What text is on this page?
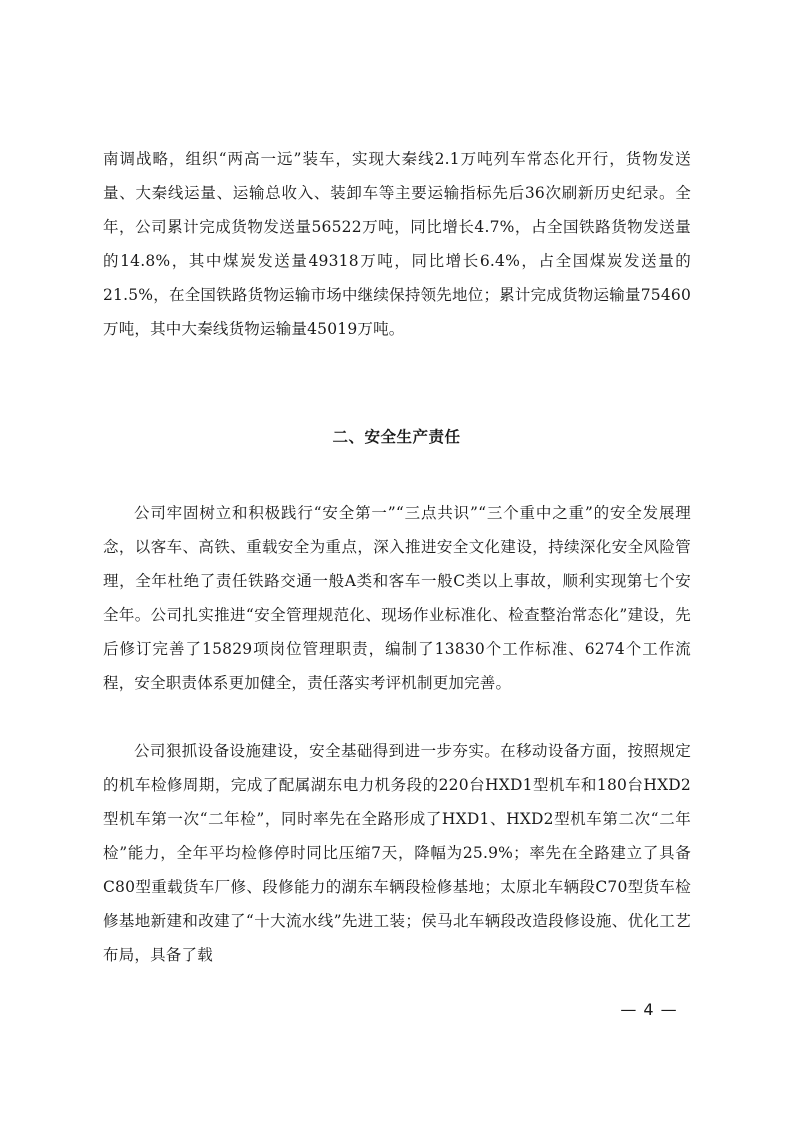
南调战略，组织“两高一远”装车，实现大秦线2.1万吨列车常态化开行，货物发送量、大秦线运量、运输总收入、装卸车等主要运输指标先后36次刷新历史纪录。全年，公司累计完成货物发送量56522万吨，同比增长4.7%，占全国铁路货物发送量的14.8%，其中煤炭发送量49318万吨，同比增长6.4%，占全国煤炭发送量的21.5%，在全国铁路货物运输市场中继续保持领先地位；累计完成货物运输量75460万吨，其中大秦线货物运输量45019万吨。

二、安全生产责任

公司牢固树立和积极践行“安全第一”“三点共识”“三个重中之重”的安全发展理念，以客车、高铁、重载安全为重点，深入推进安全文化建设，持续深化安全风险管理，全年杜绝了责任铁路交通一般A类和客车一般C类以上事故，顺利实现第七个安全年。公司扎实推进“安全管理规范化、现场作业标准化、检查整治常态化”建设，先后修订完善了15829项岗位管理职责，编制了13830个工作标准、6274个工作流程，安全职责体系更加健全，责任落实考评机制更加完善。

公司狠抓设备设施建设，安全基础得到进一步夯实。在移动设备方面，按照规定的机车检修周期，完成了配属湖东电力机务段的220台HXD1型机车和180台HXD2型机车第一次“二年检”，同时率先在全路形成了HXD1、HXD2型机车第二次“二年检”能力，全年平均检修停时同比压缩7天，降幅为25.9%；率先在全路建立了具备C80型重载货车厂修、段修能力的湖东车辆段检修基地；太原北车辆段C70型货车检修基地新建和改建了“十大流水线”先进工装；侯马北车辆段改造段修设施、优化工艺布局，具备了载

— 4 —
